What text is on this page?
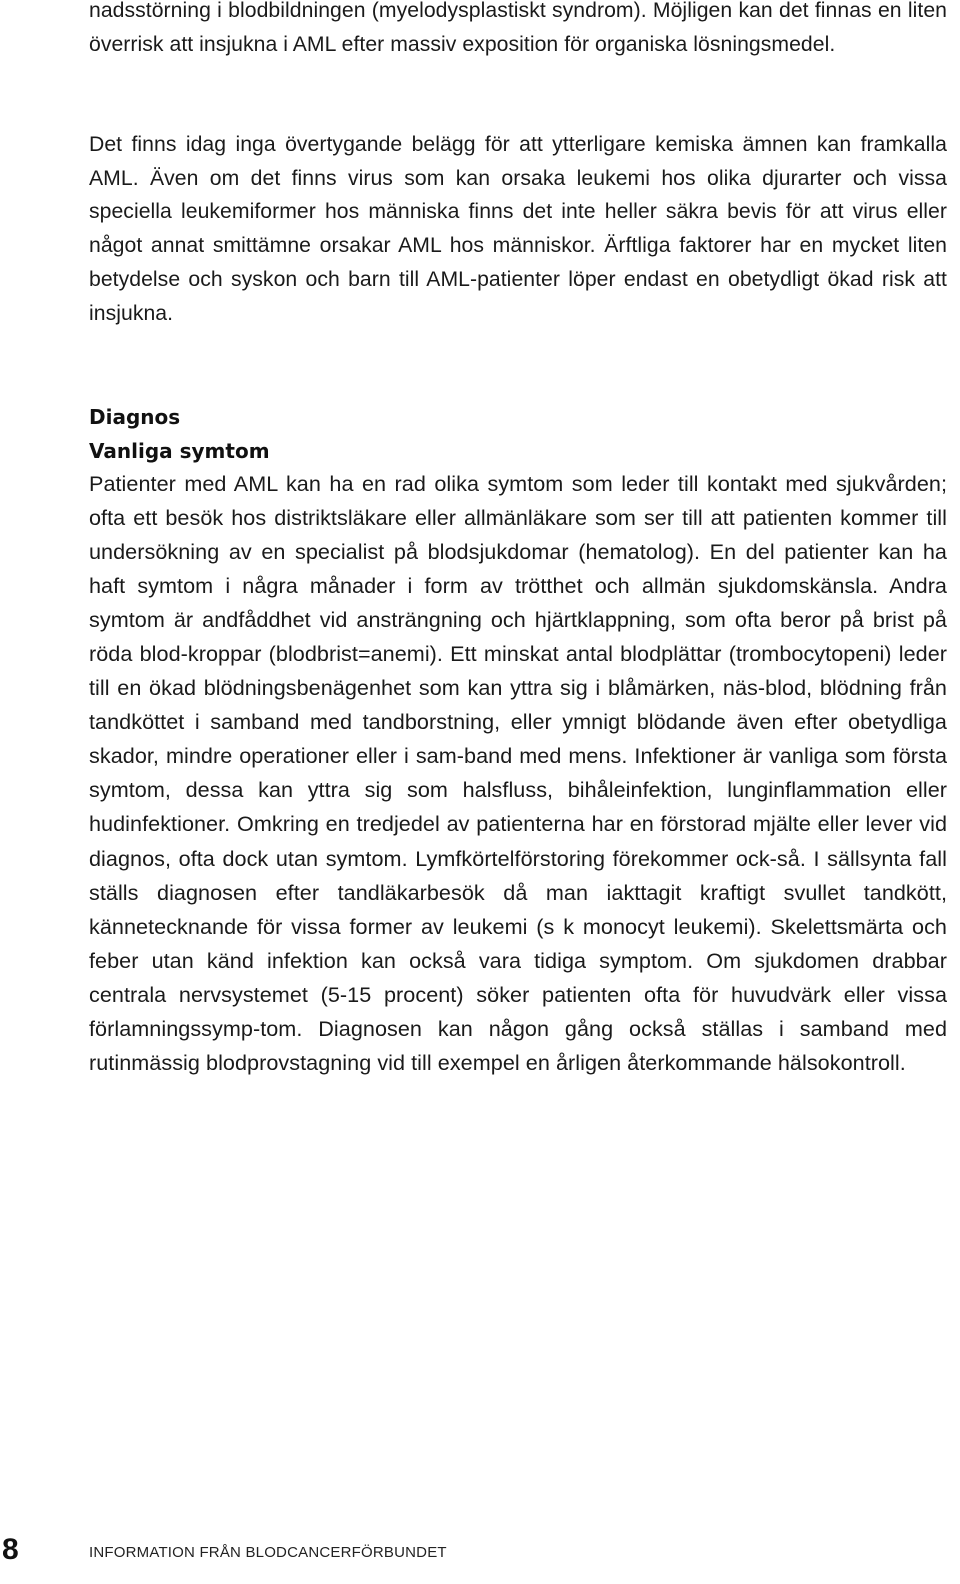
nadsstörning i blodbildningen (myelodysplastiskt syndrom). Möjligen kan det finnas en liten överrisk att insjukna i AML efter massiv exposition för organiska lösningsmedel.

Det finns idag inga övertygande belägg för att ytterligare kemiska ämnen kan framkalla AML. Även om det finns virus som kan orsaka leukemi hos olika djurarter och vissa speciella leukemiformer hos människa finns det inte heller säkra bevis för att virus eller något annat smittämne orsakar AML hos människor. Ärftliga faktorer har en mycket liten betydelse och syskon och barn till AML-patienter löper endast en obetydligt ökad risk att insjukna.

Diagnos
Vanliga symtom

Patienter med AML kan ha en rad olika symtom som leder till kontakt med sjukvården; ofta ett besök hos distriktsläkare eller allmänläkare som ser till att patienten kommer till undersökning av en specialist på blodsjukdomar (hematolog). En del patienter kan ha haft symtom i några månader i form av trötthet och allmän sjukdomskänsla. Andra symtom är andfåddhet vid ansträngning och hjärtklappning, som ofta beror på brist på röda blod-kroppar (blodbrist=anemi). Ett minskat antal blodplättar (trombocytopeni) leder till en ökad blödningsbenägenhet som kan yttra sig i blåmärken, näs-blod, blödning från tandköttet i samband med tandborstning, eller ymnigt blödande även efter obetydliga skador, mindre operationer eller i sam-band med mens. Infektioner är vanliga som första symtom, dessa kan yttra sig som halsfluss, bihåleinfektion, lunginflammation eller hudinfektioner. Omkring en tredjedel av patienterna har en förstorad mjälte eller lever vid diagnos, ofta dock utan symtom. Lymfkörtelförstoring förekommer ock-så. I sällsynta fall ställs diagnosen efter tandläkarbesök då man iakttagit kraftigt svullet tandkött, kännetecknande för vissa former av leukemi (s k monocyt leukemi). Skelettsmärta och feber utan känd infektion kan också vara tidiga symptom. Om sjukdomen drabbar centrala nervsystemet (5-15 procent) söker patienten ofta för huvudvärk eller vissa förlamningssymp-tom. Diagnosen kan någon gång också ställas i samband med rutinmässig blodprovstagning vid till exempel en årligen återkommande hälsokontroll.

8	INFORMATION FRÅN BLODCANCERFÖRBUNDET
